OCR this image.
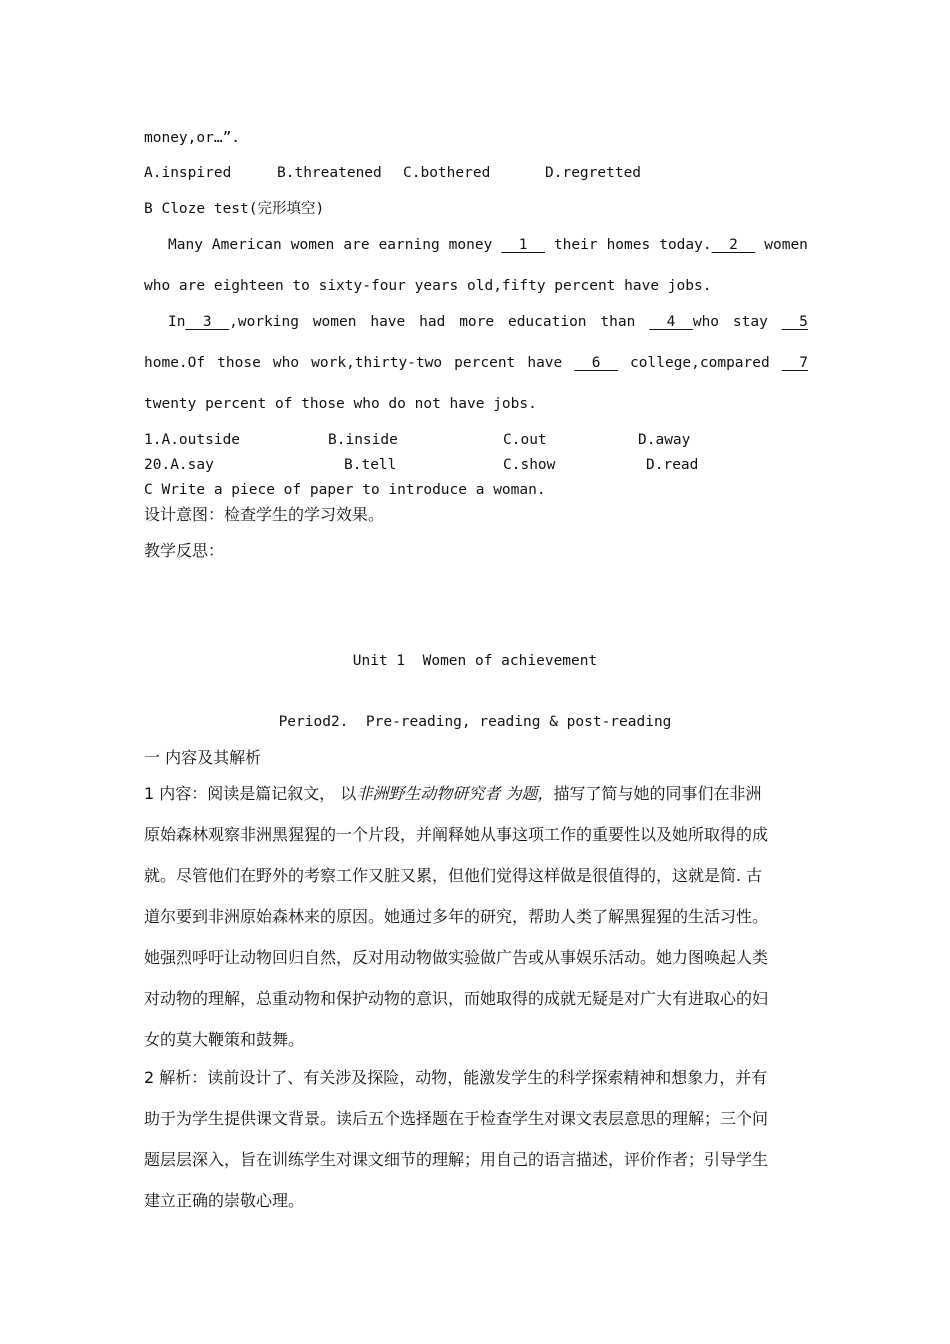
money,or…”.
A.inspired	B.threatened C.bothered	D.regretted
B Cloze test(完形填空)
Many American women are earning money 1 their homes today.  2 women
who are eighteen to sixty-four years old,fifty percent have jobs.
In  3  ,working women have had more education than 4  who stay 5
home.Of those who work,thirty-two percent have 6 college,compared 7
twenty percent of those who do not have jobs.
1.A.outside	B.inside	C.out	D.away
20.A.say	B.tell	C.show	D.read
C Write a piece of paper to introduce a woman.
设计意图：检查学生的学习效果。
教学反思：
Unit 1  Women of achievement
Period2.  Pre-reading, reading & post-reading
一 内容及其解析
1 内容：阅读是篇记叙文， 以非洲野生动物研究者 为题，描写了简与她的同事们在非洲
原始森林观察非洲黑猩猩的一个片段，并阐释她从事这项工作的重要性以及她所取得的成
就。尽管他们在野外的考察工作又脏又累，但他们觉得这样做是很值得的，这就是简. 古
道尔要到非洲原始森林来的原因。她通过多年的研究，帮助人类了解黑猩猩的生活习性。
她强烈呼吁让动物回归自然，反对用动物做实验做广告或从事娱乐活动。她力图唤起人类
对动物的理解，总重动物和保护动物的意识，而她取得的成就无疑是对广大有进取心的妇
女的莫大鞭策和鼓舞。
2 解析：读前设计了、有关涉及探险，动物，能激发学生的科学探索精神和想象力，并有
助于为学生提供课文背景。读后五个选择题在于检查学生对课文表层意思的理解；三个问
题层层深入，旨在训练学生对课文细节的理解；用自己的语言描述，评价作者；引导学生
建立正确的崇敬心理。
